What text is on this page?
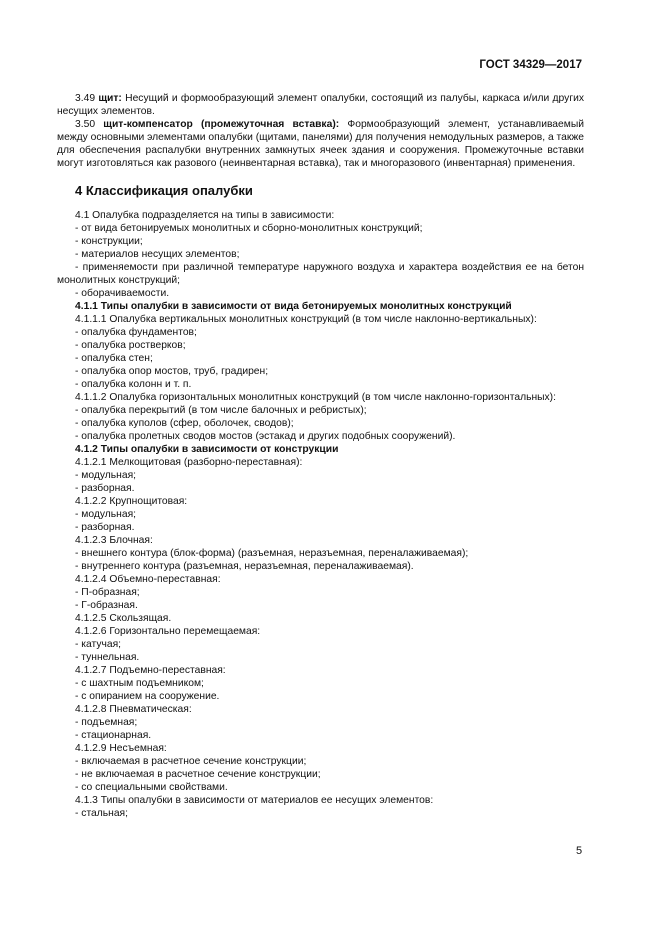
ГОСТ 34329—2017

3.49 щит: Несущий и формообразующий элемент опалубки, состоящий из палубы, каркаса и/или других несущих элементов.

3.50 щит-компенсатор (промежуточная вставка): Формообразующий элемент, устанавливаемый между основными элементами опалубки (щитами, панелями) для получения немодульных размеров, а также для обеспечения распалубки внутренних замкнутых ячеек здания и сооружения. Промежуточные вставки могут изготовляться как разового (неинвентарная вставка), так и многоразового (инвентарная) применения.

4 Классификация опалубки

4.1 Опалубка подразделяется на типы в зависимости:

- от вида бетонируемых монолитных и сборно-монолитных конструкций;

- конструкции;

- материалов несущих элементов;

- применяемости при различной температуре наружного воздуха и характера воздействия ее на бетон монолитных конструкций;

- оборачиваемости.

4.1.1 Типы опалубки в зависимости от вида бетонируемых монолитных конструкций

4.1.1.1 Опалубка вертикальных монолитных конструкций (в том числе наклонно-вертикальных):

- опалубка фундаментов;

- опалубка ростверков;

- опалубка стен;

- опалубка опор мостов, труб, градирен;

- опалубка колонн и т. п.

4.1.1.2 Опалубка горизонтальных монолитных конструкций (в том числе наклонно-горизонтальных):

- опалубка перекрытий (в том числе балочных и ребристых);

- опалубка куполов (сфер, оболочек, сводов);

- опалубка пролетных сводов мостов (эстакад и других подобных сооружений).

4.1.2 Типы опалубки в зависимости от конструкции

4.1.2.1 Мелкощитовая (разборно-переставная):

- модульная;

- разборная.

4.1.2.2 Крупнощитовая:

- модульная;

- разборная.

4.1.2.3 Блочная:

- внешнего контура (блок-форма) (разъемная, неразъемная, переналаживаемая);

- внутреннего контура (разъемная, неразъемная, переналаживаемая).

4.1.2.4 Объемно-переставная:

- П-образная;

- Г-образная.

4.1.2.5 Скользящая.

4.1.2.6 Горизонтально перемещаемая:

- катучая;

- туннельная.

4.1.2.7 Подъемно-переставная:

- с шахтным подъемником;

- с опиранием на сооружение.

4.1.2.8 Пневматическая:

- подъемная;

- стационарная.

4.1.2.9 Несъемная:

- включаемая в расчетное сечение конструкции;

- не включаемая в расчетное сечение конструкции;

- со специальными свойствами.

4.1.3 Типы опалубки в зависимости от материалов ее несущих элементов:

- стальная;

5
